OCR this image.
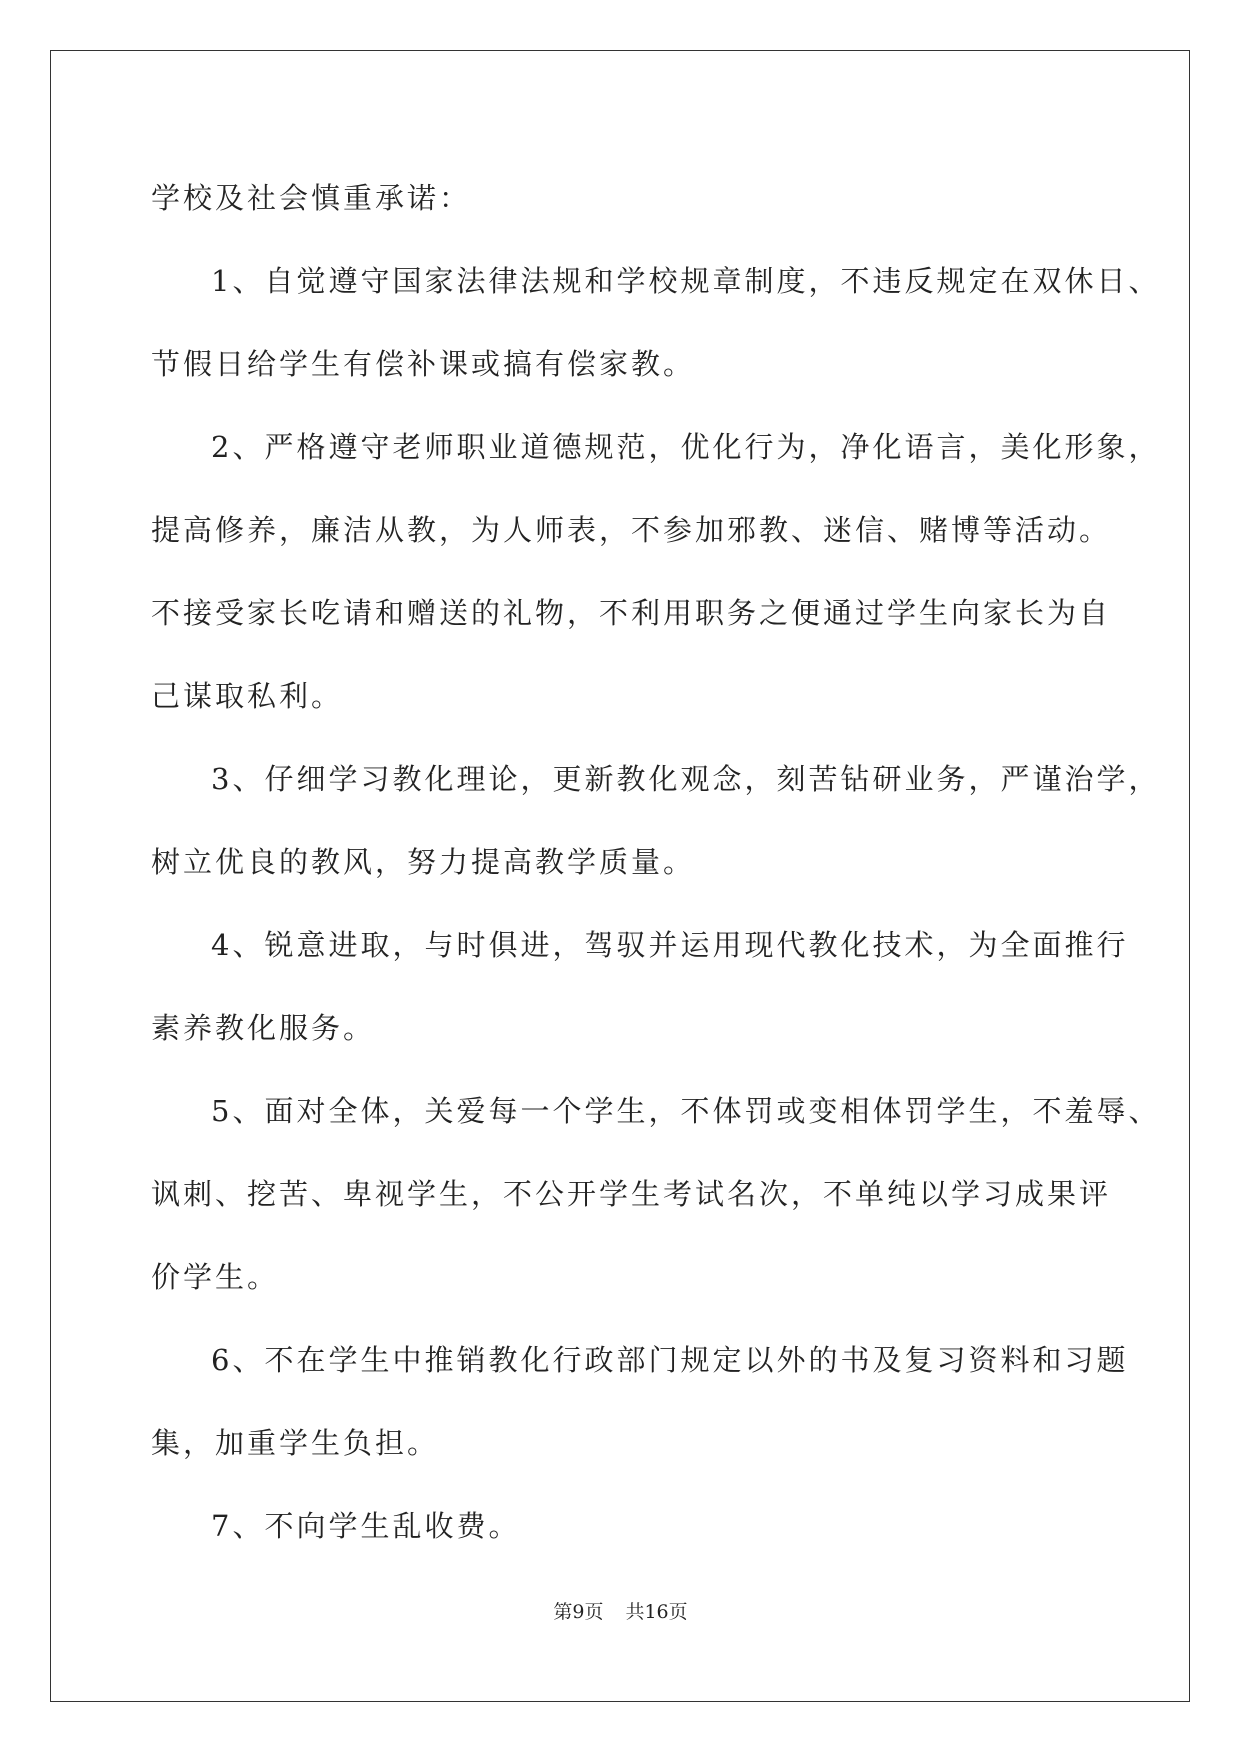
学校及社会慎重承诺：
1、自觉遵守国家法律法规和学校规章制度，不违反规定在双休日、
节假日给学生有偿补课或搞有偿家教。
2、严格遵守老师职业道德规范，优化行为，净化语言，美化形象，
提高修养，廉洁从教，为人师表，不参加邪教、迷信、赌博等活动。
不接受家长吃请和赠送的礼物，不利用职务之便通过学生向家长为自
己谋取私利。
3、仔细学习教化理论，更新教化观念，刻苦钻研业务，严谨治学，
树立优良的教风，努力提高教学质量。
4、锐意进取，与时俱进，驾驭并运用现代教化技术，为全面推行
素养教化服务。
5、面对全体，关爱每一个学生，不体罚或变相体罚学生，不羞辱、
讽刺、挖苦、卑视学生，不公开学生考试名次，不单纯以学习成果评
价学生。
6、不在学生中推销教化行政部门规定以外的书及复习资料和习题
集，加重学生负担。
7、不向学生乱收费。
第9页 共16页
